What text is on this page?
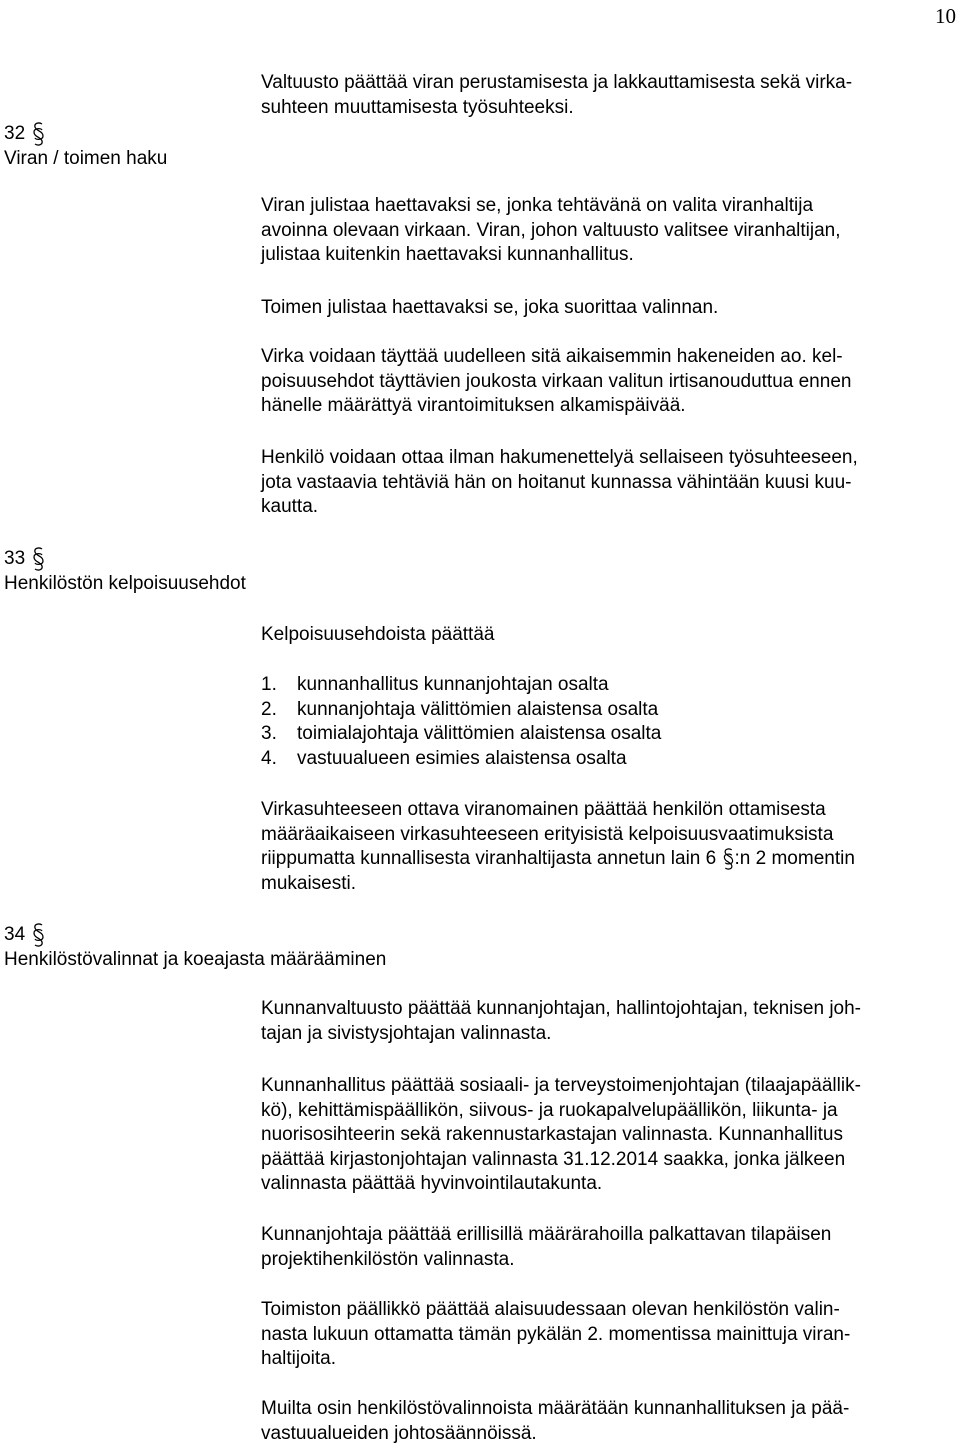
10
32
Viran / toimen haku
33
Henkilöstön kelpoisuusehdot
34
Henkilöstövalinnat ja koeajasta määrääminen
Valtuusto päättää viran perustamisesta ja lakkauttamisesta sekä virka-
suhteen muuttamisesta työsuhteeksi.
Viran julistaa haettavaksi se, jonka tehtävänä on valita viranhaltija
avoinna olevaan virkaan. Viran, johon valtuusto valitsee viranhaltijan,
julistaa kuitenkin haettavaksi kunnanhallitus.
Toimen julistaa haettavaksi se, joka suorittaa valinnan.
Virka voidaan täyttää uudelleen sitä aikaisemmin hakeneiden ao. kel-
poisuusehdot täyttävien joukosta virkaan valitun irtisanouduttua ennen
hänelle määrättyä virantoimituksen alkamispäivää.
Henkilö voidaan ottaa ilman hakumenettelyä sellaiseen työsuhteeseen,
jota vastaavia tehtäviä hän on hoitanut kunnassa vähintään kuusi kuu-
kautta.
Kelpoisuusehdoista päättää
1.	kunnanhallitus kunnanjohtajan osalta
2.	kunnanjohtaja välittömien alaistensa osalta
3.	toimialajohtaja välittömien alaistensa osalta
4.	vastuualueen esimies alaistensa osalta
Virkasuhteeseen ottava viranomainen päättää henkilön ottamisesta
määräaikaiseen virkasuhteeseen erityisistä kelpoisuusvaatimuksista
riippumatta kunnallisesta viranhaltijasta annetun lain 6
:n 2 momentin
mukaisesti.
Kunnanvaltuusto päättää kunnanjohtajan, hallintojohtajan, teknisen joh-
tajan ja sivistysjohtajan valinnasta.
Kunnanhallitus päättää sosiaali- ja terveystoimenjohtajan (tilaajapäällik-
kö), kehittämispäällikön, siivous- ja ruokapalvelupäällikön, liikunta- ja
nuorisosihteerin sekä rakennustarkastajan valinnasta. Kunnanhallitus
päättää kirjastonjohtajan valinnasta 31.12.2014 saakka, jonka jälkeen
valinnasta päättää hyvinvointilautakunta.
Kunnanjohtaja päättää erillisillä määrärahoilla palkattavan tilapäisen
projektihenkilöstön valinnasta.
Toimiston päällikkö päättää alaisuudessaan olevan henkilöstön valin-
nasta lukuun ottamatta tämän pykälän 2. momentissa mainittuja viran-
haltijoita.
Muilta osin henkilöstövalinnoista määrätään kunnanhallituksen ja pää-
vastuualueiden johtosäännöissä.
